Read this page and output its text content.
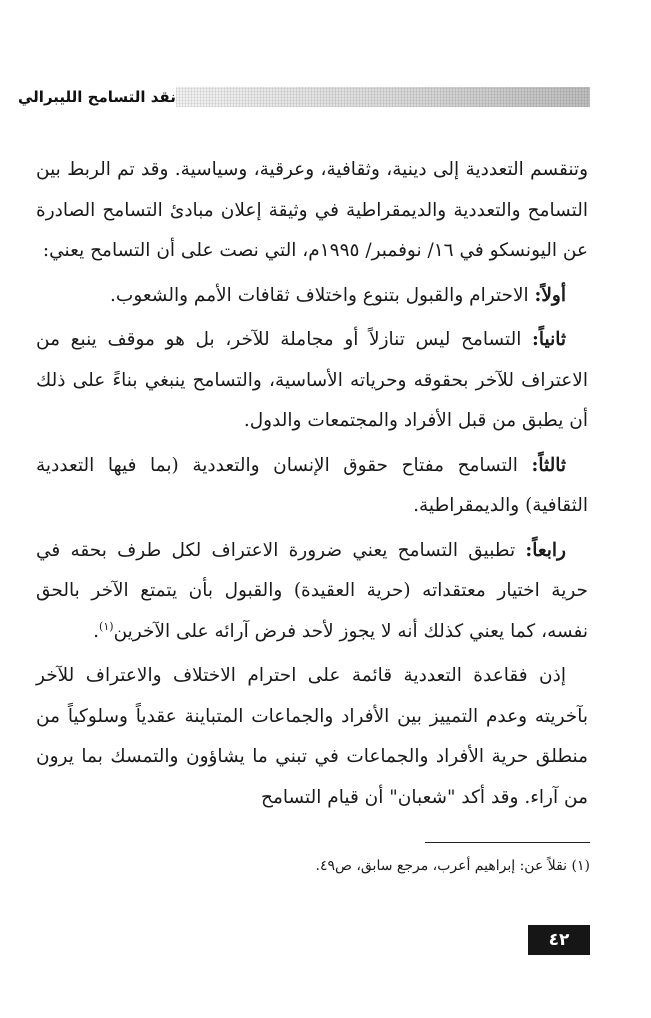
نقد التسامح الليبرالي

وتنقسم التعددية إلى دينية، وثقافية، وعرقية، وسياسية. وقد تم الربط بين التسامح والتعددية والديمقراطية في وثيقة إعلان مبادئ التسامح الصادرة عن اليونسكو في ١٦/ نوفمبر/ ١٩٩٥م، التي نصت على أن التسامح يعني:

أولاً: الاحترام والقبول بتنوع واختلاف ثقافات الأمم والشعوب.

ثانياً: التسامح ليس تنازلاً أو مجاملة للآخر، بل هو موقف ينبع من الاعتراف للآخر بحقوقه وحرياته الأساسية، والتسامح ينبغي بناءً على ذلك أن يطبق من قبل الأفراد والمجتمعات والدول.

ثالثاً: التسامح مفتاح حقوق الإنسان والتعددية (بما فيها التعددية الثقافية) والديمقراطية.

رابعاً: تطبيق التسامح يعني ضرورة الاعتراف لكل طرف بحقه في حرية اختيار معتقداته (حرية العقيدة) والقبول بأن يتمتع الآخر بالحق نفسه، كما يعني كذلك أنه لا يجوز لأحد فرض آرائه على الآخرين$^{(١)}$.

إذن فقاعدة التعددية قائمة على احترام الاختلاف والاعتراف للآخر بآخريته وعدم التمييز بين الأفراد والجماعات المتباينة عقدياً وسلوكياً من منطلق حرية الأفراد والجماعات في تبني ما يشاؤون والتمسك بما يرون من آراء. وقد أكد "شعبان" أن قيام التسامح

(١) نقلاً عن: إبراهيم أعرب، مرجع سابق، ص٤٩.
٤٢
